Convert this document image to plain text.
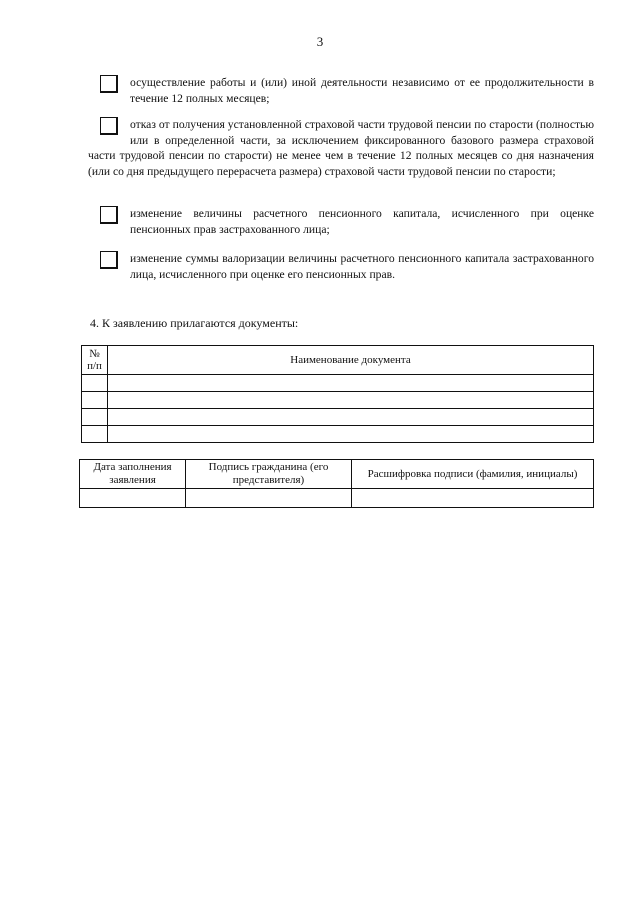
3

осуществление работы и (или) иной деятельности независимо от ее продолжительности в течение 12 полных месяцев;

отказ от получения установленной страховой части трудовой пенсии по старости (полностью или в определенной части, за исключением фиксированного базового размера страховой части трудовой пенсии по старости) не менее чем в течение 12 полных месяцев со дня назначения (или со дня предыдущего перерасчета размера) страховой части трудовой пенсии по старости;

изменение величины расчетного пенсионного капитала, исчисленного при оценке пенсионных прав застрахованного лица;

изменение суммы валоризации величины расчетного пенсионного капитала застрахованного лица, исчисленного при оценке его пенсионных прав.

4. К заявлению прилагаются документы:
№
п/п	Наименование документа

Дата заполнения заявления	Подпись гражданина (его представителя)	Расшифровка подписи (фамилия, инициалы)
